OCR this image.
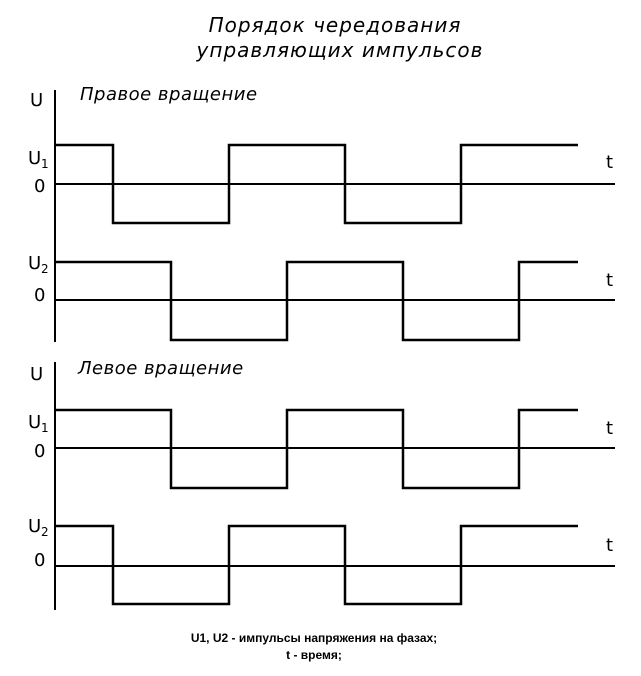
Порядок чередования
управляющих импульсов
Правое вращение
U
U 1
0
t
U 2
0
t
Левое вращение
U
U 1
0
t
U 2
0
t
U1, U2 - импульсы напряжения на фазах;
t - время;
